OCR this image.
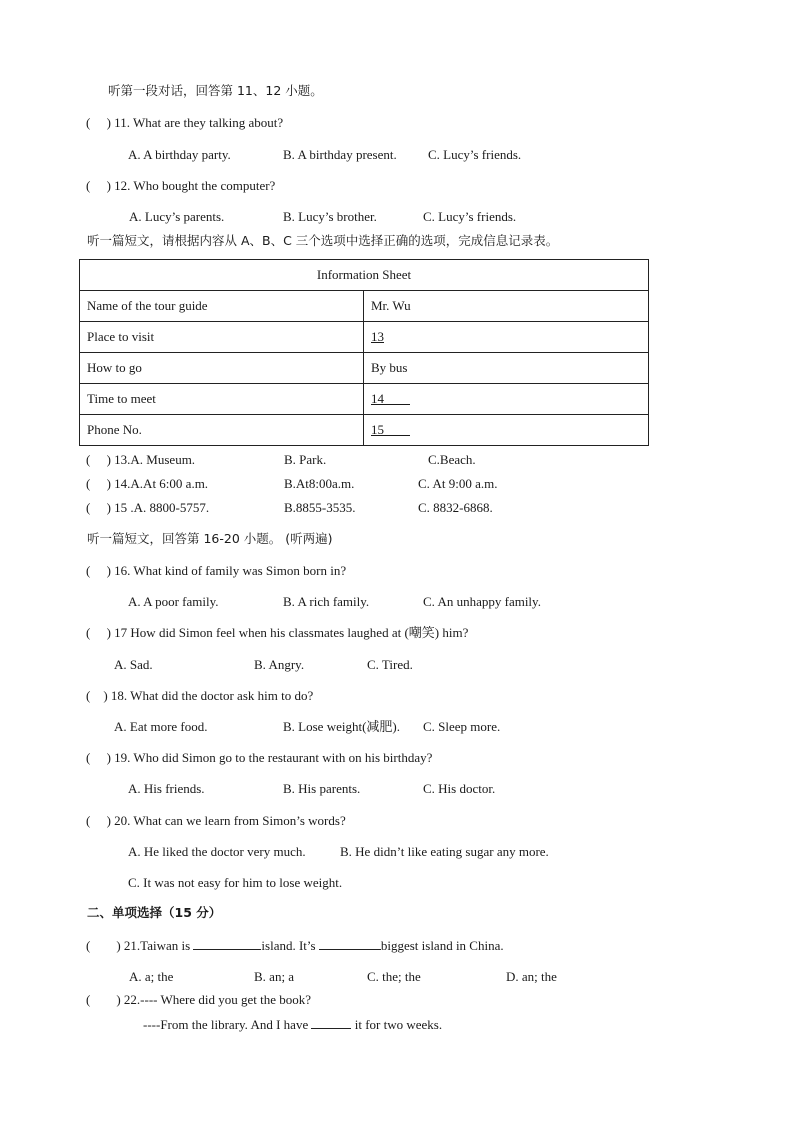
听第一段对话，回答第 11、12 小题。
(　 ) 11. What are they talking about?
A. A birthday party.	B. A birthday present. C. Lucy’s friends.
(　 ) 12. Who bought the computer?
A. Lucy’s parents.	B. Lucy’s brother.	C. Lucy’s friends.
听一篇短文，请根据内容从 A、B、C 三个选项中选择正确的选项，完成信息记录表。
Information Sheet	
Name of the tour guide	Mr. Wu
Place to visit	13
How to go	By bus
Time to meet	14
Phone No.	15
(　 ) 13.A. Museum.	B. Park.	C.Beach.
(　 ) 14.A.At 6:00 a.m.	B.At8:00a.m.	C. At 9:00 a.m.
(　 ) 15 .A. 8800-5757.	B.8855-3535.	C. 8832-6868.
听一篇短文，回答第 16-20 小题。 (听两遍)
(　 ) 16. What kind of family was Simon born in?
A. A poor family.	B. A rich family.	C. An unhappy family.
(　 ) 17 How did Simon feel when his classmates laughed at (嘲笑) him?
A. Sad.	B. Angry.	C. Tired.
(　) 18. What did the doctor ask him to do?
A. Eat more food.	B. Lose weight(减肥). C. Sleep more.
(　 ) 19. Who did Simon go to the restaurant with on his birthday?
A. His friends.	B. His parents.	C. His doctor.
(　 ) 20. What can we learn from Simon’s words?
A. He liked the doctor very much.	B. He didn’t like eating sugar any more.
C. It was not easy for him to lose weight.
二、单项选择（15 分）
(　　) 21.Taiwan is	island. It’s	biggest island in China.
A. a; the	B. an; a	C. the; the	D. an; the
(　　) 22.---- Where did you get the book?
----From the library. And I have	it for two weeks.
